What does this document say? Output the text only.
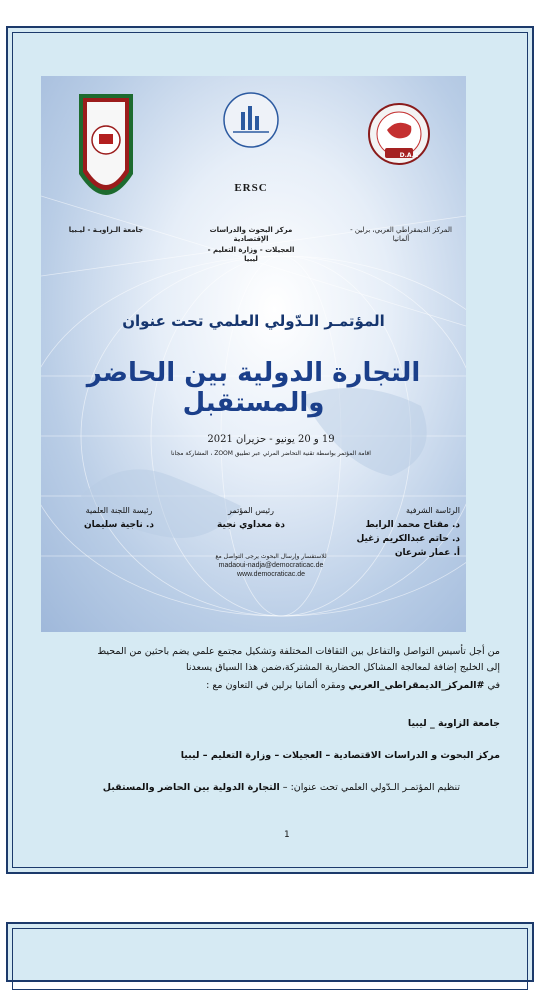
D.A.C
المركز الديمقراطي العربي، برلين - ألمانيا
ERSC
مركز البحوث والدراسات الإقتصادية
العجيلات - وزارة التعليم - ليبيا
جامعة الـزاويـة - ليـبيا
المؤتمـر الـدّولي العلمي تحت عنوان
التجارة الدولية بين الحاضر والمستقبل
19 و 20 يونيو - حزيران 2021
اقامة المؤتمر بواسطة تقنية التحاضر المرئي عبر تطبيق ZOOM ، المشاركة مجانا
الرئاسة الشرفية
د. مفتاح محمد الرابط
د. حاتم عبدالكريم زغيل
أ. عمار شرعان
رئيس المؤتمر
دة معداوي نجية
رئيسة اللجنة العلمية
د. ناجية سليمان
للاستفسار وإرسال البحوث يرجى التواصل مع
madaoui-nadja@democraticac.de
www.democraticac.de
من أجل تأسيس التواصل والتفاعل بين الثقافات المختلفة وتشكيل مجتمع علمي يضم باحثين من المحيط
إلى الخليج إضافة لمعالجة المشاكل الحضارية المشتركة،ضمن هذا السياق يسعدنا
في #المركز_الديمقراطي_العربي ومقره ألمانيا برلين في التعاون مع :
جامعة الزاوية _ ليبيا
مركز البحوث و الدراسات الاقتصادية – العجيلات – وزارة التعليم – ليبيا
تنظيم المؤتمـر الـدّولي العلمي تحت عنوان: – التجارة الدولية بين الحاضر والمستقبل
1
